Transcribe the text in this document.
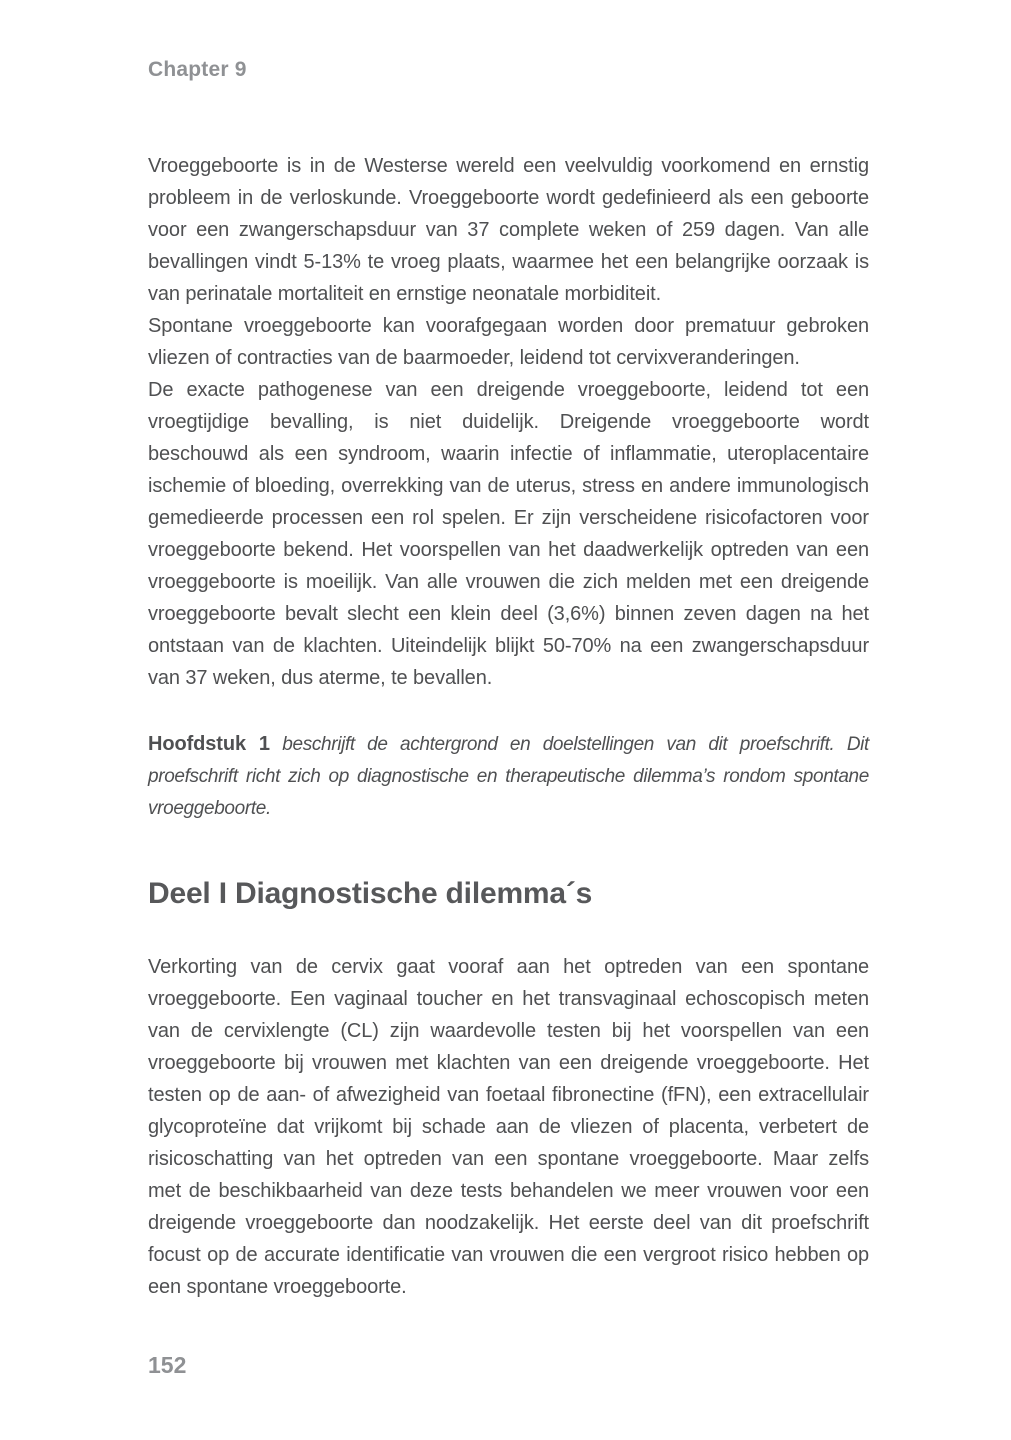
Chapter 9
Vroeggeboorte is in de Westerse wereld een veelvuldig voorkomend en ernstig
probleem in de verloskunde. Vroeggeboorte wordt gedefinieerd als een geboorte
voor een zwangerschapsduur van 37 complete weken of 259 dagen. Van alle
bevallingen vindt 5-13% te vroeg plaats, waarmee het een belangrijke oorzaak is
van perinatale mortaliteit en ernstige neonatale morbiditeit.
Spontane vroeggeboorte kan voorafgegaan worden door prematuur gebroken
vliezen of contracties van de baarmoeder, leidend tot cervixveranderingen.
De exacte pathogenese van een dreigende vroeggeboorte, leidend tot een
vroegtijdige bevalling, is niet duidelijk. Dreigende vroeggeboorte wordt
beschouwd als een syndroom, waarin infectie of inflammatie, uteroplacentaire
ischemie of bloeding, overrekking van de uterus, stress en andere immunologisch
gemedieerde processen een rol spelen. Er zijn verscheidene risicofactoren voor
vroeggeboorte bekend. Het voorspellen van het daadwerkelijk optreden van een
vroeggeboorte is moeilijk. Van alle vrouwen die zich melden met een dreigende
vroeggeboorte bevalt slecht een klein deel (3,6%) binnen zeven dagen na het
ontstaan van de klachten. Uiteindelijk blijkt 50-70% na een zwangerschapsduur
van 37 weken, dus aterme, te bevallen.
Hoofdstuk 1 beschrijft de achtergrond en doelstellingen van dit proefschrift. Dit
proefschrift richt zich op diagnostische en therapeutische dilemma’s rondom spontane
vroeggeboorte.
Deel I Diagnostische dilemma´s
Verkorting van de cervix gaat vooraf aan het optreden van een spontane
vroeggeboorte. Een vaginaal toucher en het transvaginaal echoscopisch meten
van de cervixlengte (CL) zijn waardevolle testen bij het voorspellen van een
vroeggeboorte bij vrouwen met klachten van een dreigende vroeggeboorte. Het
testen op de aan- of afwezigheid van foetaal fibronectine (fFN), een extracellulair
glycoproteïne dat vrijkomt bij schade aan de vliezen of placenta, verbetert de
risicoschatting van het optreden van een spontane vroeggeboorte. Maar zelfs
met de beschikbaarheid van deze tests behandelen we meer vrouwen voor een
dreigende vroeggeboorte dan noodzakelijk. Het eerste deel van dit proefschrift
focust op de accurate identificatie van vrouwen die een vergroot risico hebben op
een spontane vroeggeboorte.
152
